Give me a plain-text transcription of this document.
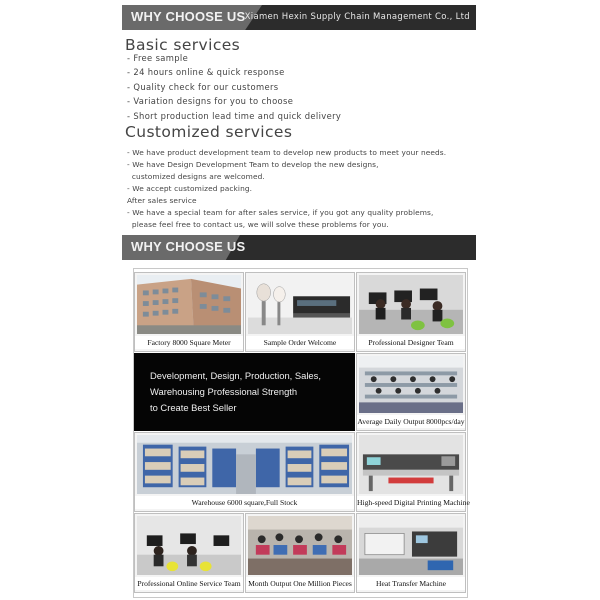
WHY CHOOSE US Xiamen Hexin Supply Chain Management Co., Ltd
Basic services
- Free sample
- 24 hours online & quick response
- Quality check for our customers
- Variation designs for you to choose
- Short production lead time and quick delivery
Customized services
- We have product development team to develop new products to meet your needs.
- We have Design Development Team to develop the new designs,
customized designs are welcomed.
- We accept customized packing.
After sales service
- We have a special team for after sales service, if you got any quality problems,
please feel free to contact us, we will solve these problems for you.
WHY CHOOSE US
Factory 8000 Square Meter	Sample Order Welcome	Professional Designer Team
Development, Design, Production, Sales,
Warehousing Professional Strength
to Create Best Seller
Average Daily Output 8000pcs/day
Warehouse 6000 square,Full Stock	High-speed Digital Printing Machine
Professional Online Service Team Month Output One Million Pieces	Heat Transfer Machine
